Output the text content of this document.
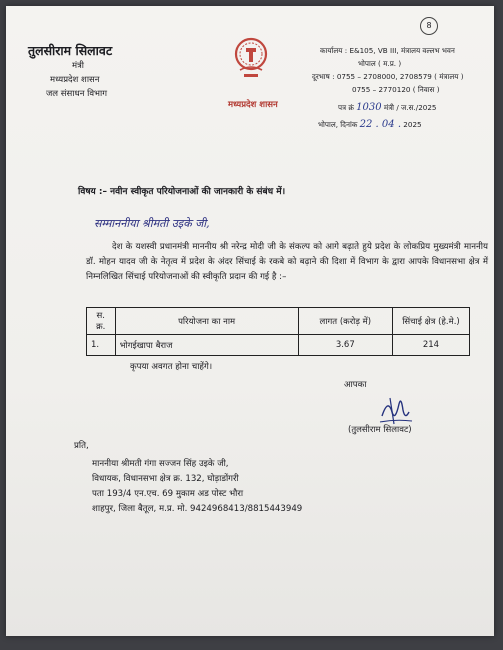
8
तुलसीराम सिलावट
मंत्री
मध्यप्रदेश शासन
जल संसाधन विभाग
मध्यप्रदेश शासन
कार्यालय : E&105, VB III, मंत्रालय वल्लभ भवन
भोपाल ( म.प्र. )
दूरभाष : 0755 – 2708000, 2708579 ( मंत्रालय )
0755 – 2770120 ( निवास )
पत्र क्रं 1030 मंत्री / ज.स./2025
भोपाल, दिनांक 22 . 04 . 2025
विषय :– नवीन स्वीकृत परियोजनाओं की जानकारी के संबंध में।
सम्माननीया श्रीमती उइके जी,

देश के यशस्वी प्रधानमंत्री माननीय श्री नरेन्द्र मोदी जी के संकल्प को आगे बढ़ाते हुये प्रदेश के लोकप्रिय मुख्यमंत्री माननीय डॉ. मोहन यादव जी के नेतृत्व में प्रदेश के अंदर सिंचाई के रकबे को बढ़ाने की दिशा में विभाग के द्वारा आपके विधानसभा क्षेत्र में निम्नलिखित सिंचाई परियोजनाओं की स्वीकृति प्रदान की गई है :–

स. क्र.	परियोजना का नाम	लागत (करोड़ में)	सिंचाई क्षेत्र (हे.मे.)
1.	भोगईखापा बैराज	3.67	214
कृपया अवगत होना चाहेंगे।
आपका
(तुलसीराम सिलावट)
प्रति,
माननीया श्रीमती गंगा सज्जन सिंह उइके जी,
विधायक, विधानसभा क्षेत्र क्र. 132, घोड़ाडोंगरी
पता 193/4 एन.एच. 69 मुकाम अड पोस्ट भौरा
शाहपुर, जिला बैतूल, म.प्र. मो. 9424968413/8815443949
